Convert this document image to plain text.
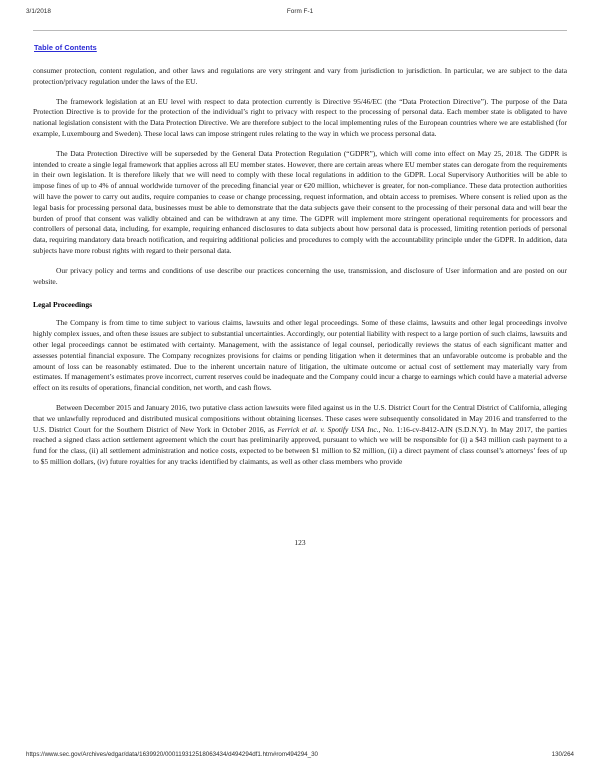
3/1/2018	Form F-1
Table of Contents

consumer protection, content regulation, and other laws and regulations are very stringent and vary from jurisdiction to jurisdiction. In particular, we are subject to the data protection/privacy regulation under the laws of the EU.

The framework legislation at an EU level with respect to data protection currently is Directive 95/46/EC (the “Data Protection Directive”). The purpose of the Data Protection Directive is to provide for the protection of the individual’s right to privacy with respect to the processing of personal data. Each member state is obligated to have national legislation consistent with the Data Protection Directive. We are therefore subject to the local implementing rules of the European countries where we are established (for example, Luxembourg and Sweden). These local laws can impose stringent rules relating to the way in which we process personal data.

The Data Protection Directive will be superseded by the General Data Protection Regulation (“GDPR”), which will come into effect on May 25, 2018. The GDPR is intended to create a single legal framework that applies across all EU member states. However, there are certain areas where EU member states can derogate from the requirements in their own legislation. It is therefore likely that we will need to comply with these local regulations in addition to the GDPR. Local Supervisory Authorities will be able to impose fines of up to 4% of annual worldwide turnover of the preceding financial year or €20 million, whichever is greater, for non-compliance. These data protection authorities will have the power to carry out audits, require companies to cease or change processing, request information, and obtain access to premises. Where consent is relied upon as the legal basis for processing personal data, businesses must be able to demonstrate that the data subjects gave their consent to the processing of their personal data and will bear the burden of proof that consent was validly obtained and can be withdrawn at any time. The GDPR will implement more stringent operational requirements for processors and controllers of personal data, including, for example, requiring enhanced disclosures to data subjects about how personal data is processed, limiting retention periods of personal data, requiring mandatory data breach notification, and requiring additional policies and procedures to comply with the accountability principle under the GDPR. In addition, data subjects have more robust rights with regard to their personal data.

Our privacy policy and terms and conditions of use describe our practices concerning the use, transmission, and disclosure of User information and are posted on our website.

Legal Proceedings

The Company is from time to time subject to various claims, lawsuits and other legal proceedings. Some of these claims, lawsuits and other legal proceedings involve highly complex issues, and often these issues are subject to substantial uncertainties. Accordingly, our potential liability with respect to a large portion of such claims, lawsuits and other legal proceedings cannot be estimated with certainty. Management, with the assistance of legal counsel, periodically reviews the status of each significant matter and assesses potential financial exposure. The Company recognizes provisions for claims or pending litigation when it determines that an unfavorable outcome is probable and the amount of loss can be reasonably estimated. Due to the inherent uncertain nature of litigation, the ultimate outcome or actual cost of settlement may materially vary from estimates. If management’s estimates prove incorrect, current reserves could be inadequate and the Company could incur a charge to earnings which could have a material adverse effect on its results of operations, financial condition, net worth, and cash flows.

Between December 2015 and January 2016, two putative class action lawsuits were filed against us in the U.S. District Court for the Central District of California, alleging that we unlawfully reproduced and distributed musical compositions without obtaining licenses. These cases were subsequently consolidated in May 2016 and transferred to the U.S. District Court for the Southern District of New York in October 2016, as Ferrick et al. v. Spotify USA Inc., No. 1:16-cv-8412-AJN (S.D.N.Y). In May 2017, the parties reached a signed class action settlement agreement which the court has preliminarily approved, pursuant to which we will be responsible for (i) a $43 million cash payment to a fund for the class, (ii) all settlement administration and notice costs, expected to be between $1 million to $2 million, (ii) a direct payment of class counsel’s attorneys’ fees of up to $5 million dollars, (iv) future royalties for any tracks identified by claimants, as well as other class members who provide

123
https://www.sec.gov/Archives/edgar/data/1639920/000119312518063434/d494294df1.htm#rom494294_30	130/264
